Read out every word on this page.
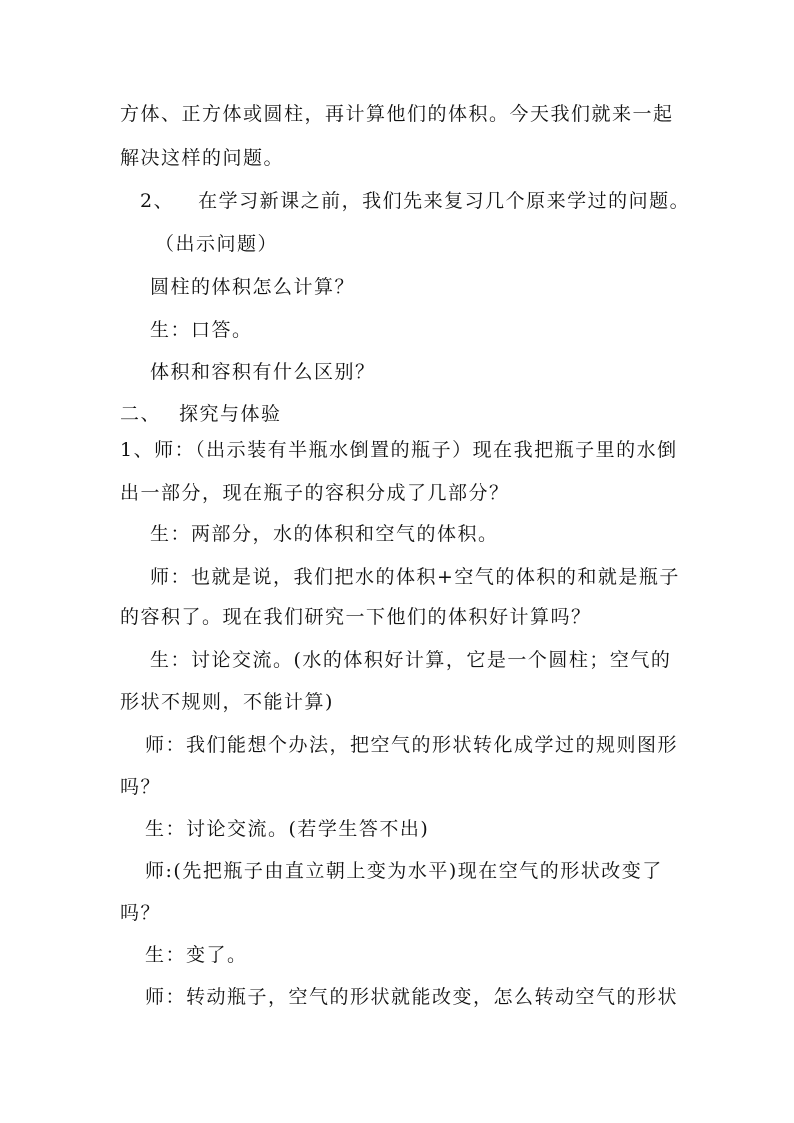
方体、正方体或圆柱，再计算他们的体积。今天我们就来一起
解决这样的问题。
2、 在学习新课之前，我们先来复习几个原来学过的问题。
（出示问题）
圆柱的体积怎么计算？
生：口答。
体积和容积有什么区别？
二、 探究与体验
1、师：（出示装有半瓶水倒置的瓶子）现在我把瓶子里的水倒
出一部分，现在瓶子的容积分成了几部分？
生：两部分，水的体积和空气的体积。
师：也就是说，我们把水的体积+空气的体积的和就是瓶子
的容积了。现在我们研究一下他们的体积好计算吗？
生：讨论交流。(水的体积好计算，它是一个圆柱；空气的
形状不规则，不能计算)
师：我们能想个办法，把空气的形状转化成学过的规则图形
吗？
生：讨论交流。(若学生答不出)
师:(先把瓶子由直立朝上变为水平)现在空气的形状改变了
吗？
生：变了。
师：转动瓶子，空气的形状就能改变，怎么转动空气的形状
